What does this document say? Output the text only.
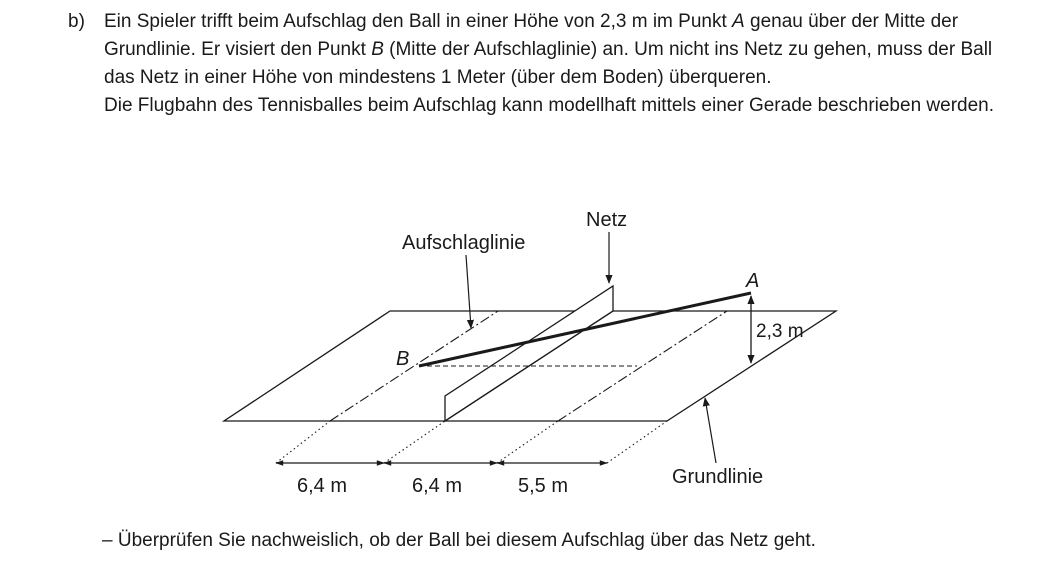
b) Ein Spieler trifft beim Aufschlag den Ball in einer Höhe von 2,3 m im Punkt A genau über der Mitte der Grundlinie. Er visiert den Punkt B (Mitte der Aufschlaglinie) an. Um nicht ins Netz zu gehen, muss der Ball das Netz in einer Höhe von mindestens 1 Meter (über dem Boden) überqueren.

Die Flugbahn des Tennisballes beim Aufschlag kann modellhaft mittels einer Gerade beschrieben werden.

Netz
Aufschlaglinie
A
B
2,3 m
Grundlinie
6,4 m	6,4 m	5,5 m
– Überprüfen Sie nachweislich, ob der Ball bei diesem Aufschlag über das Netz geht.
